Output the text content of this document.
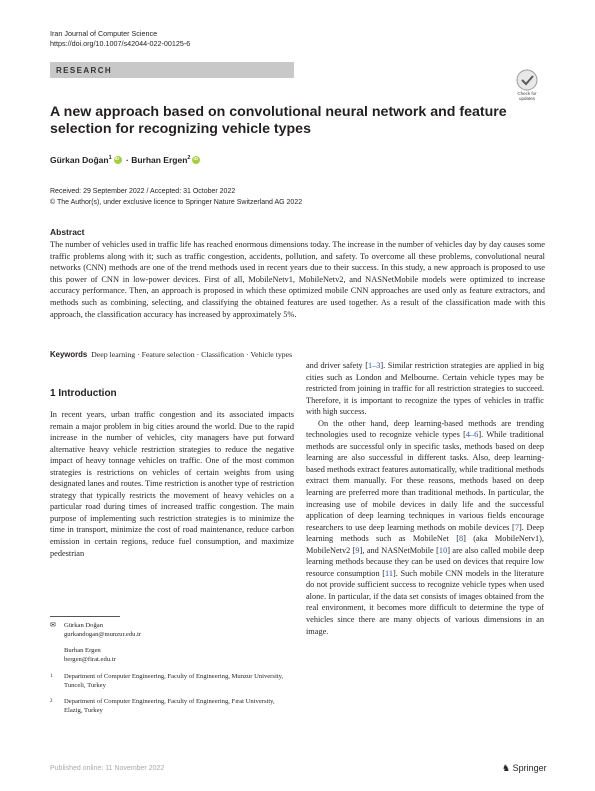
Iran Journal of Computer Science
https://doi.org/10.1007/s42044-022-00125-6
RESEARCH
Check for
updates
A new approach based on convolutional neural network and feature selection for recognizing vehicle types
Gürkan Doğan$^1$iD · Burhan Ergen$^2$iD
Received: 29 September 2022 / Accepted: 31 October 2022
© The Author(s), under exclusive licence to Springer Nature Switzerland AG 2022
Abstract
The number of vehicles used in traffic life has reached enormous dimensions today. The increase in the number of vehicles day by day causes some traffic problems along with it; such as traffic congestion, accidents, pollution, and safety. To overcome all these problems, convolutional neural networks (CNN) methods are one of the trend methods used in recent years due to their success. In this study, a new approach is proposed to use this power of CNN in low-power devices. First of all, MobileNetv1, MobileNetv2, and NASNetMobile models were optimized to increase accuracy performance. Then, an approach is proposed in which these optimized mobile CNN approaches are used only as feature extractors, and methods such as combining, selecting, and classifying the obtained features are used together. As a result of the classification made with this approach, the classification accuracy has increased by approximately 5%.
Keywords Deep learning · Feature selection · Classification · Vehicle types
1 Introduction

In recent years, urban traffic congestion and its associated impacts remain a major problem in big cities around the world. Due to the rapid increase in the number of vehicles, city managers have put forward alternative heavy vehicle restriction strategies to reduce the negative impact of heavy tonnage vehicles on traffic. One of the most common strategies is restrictions on vehicles of certain weights from using designated lanes and routes. Time restriction is another type of restriction strategy that typically restricts the movement of heavy vehicles on a particular road during times of increased traffic congestion. The main purpose of implementing such restriction strategies is to minimize the time in transport, minimize the cost of road maintenance, reduce carbon emission in certain regions, reduce fuel consumption, and maximize pedestrian

and driver safety [1–3]. Similar restriction strategies are applied in big cities such as London and Melbourne. Certain vehicle types may be restricted from joining in traffic for all restriction strategies to succeed. Therefore, it is important to recognize the types of vehicles in traffic with high success.

On the other hand, deep learning-based methods are trending technologies used to recognize vehicle types [4–6]. While traditional methods are successful only in specific tasks, methods based on deep learning are also successful in different tasks. Also, deep learning-based methods extract features automatically, while traditional methods extract them manually. For these reasons, methods based on deep learning are preferred more than traditional methods. In particular, the increasing use of mobile devices in daily life and the successful application of deep learning techniques in various fields encourage researchers to use deep learning methods on mobile devices [7]. Deep learning methods such as MobileNet [8] (aka MobileNetv1), MobileNetv2 [9], and NASNetMobile [10] are also called mobile deep learning methods because they can be used on devices that require low resource consumption [11]. Such mobile CNN models in the literature do not provide sufficient success to recognize vehicle types when used alone. In particular, if the data set consists of images obtained from the real environment, it becomes more difficult to determine the type of vehicles since there are many objects of various dimensions in an image.

✉ Gürkan Doğan
gurkandogan@munzur.edu.tr
Burhan Ergen
bergen@firat.edu.tr
1 Department of Computer Engineering, Faculty of Engineering, Munzur University, Tunceli, Turkey
2 Department of Computer Engineering, Faculty of Engineering, Fırat University, Elazig, Turkey
Published online: 11 November 2022	♞ Springer
